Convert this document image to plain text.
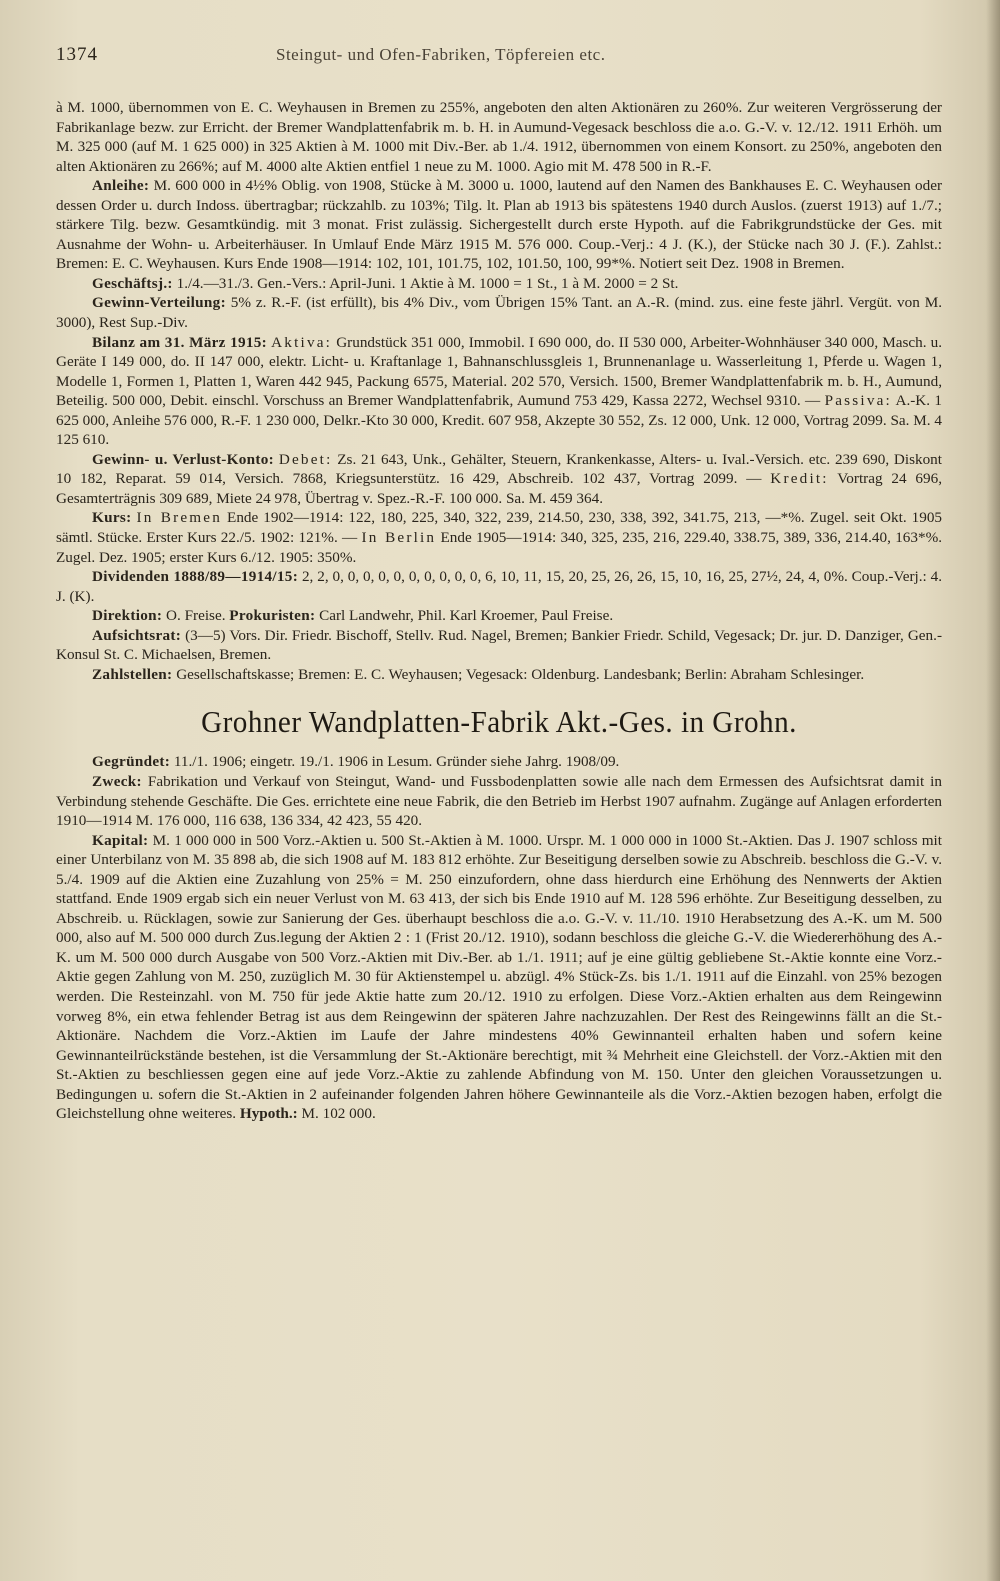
1374	Steingut- und Ofen-Fabriken, Töpfereien etc.

à M. 1000, übernommen von E. C. Weyhausen in Bremen zu 255%, angeboten den alten Aktionären zu 260%. Zur weiteren Vergrösserung der Fabrikanlage bezw. zur Erricht. der Bremer Wandplattenfabrik m. b. H. in Aumund-Vegesack beschloss die a.o. G.-V. v. 12./12. 1911 Erhöh. um M. 325 000 (auf M. 1 625 000) in 325 Aktien à M. 1000 mit Div.-Ber. ab 1./4. 1912, übernommen von einem Konsort. zu 250%, angeboten den alten Aktionären zu 266%; auf M. 4000 alte Aktien entfiel 1 neue zu M. 1000. Agio mit M. 478 500 in R.-F.

Anleihe: M. 600 000 in 4½% Oblig. von 1908, Stücke à M. 3000 u. 1000, lautend auf den Namen des Bankhauses E. C. Weyhausen oder dessen Order u. durch Indoss. übertragbar; rückzahlb. zu 103%; Tilg. lt. Plan ab 1913 bis spätestens 1940 durch Auslos. (zuerst 1913) auf 1./7.; stärkere Tilg. bezw. Gesamtkündig. mit 3 monat. Frist zulässig. Sichergestellt durch erste Hypoth. auf die Fabrikgrundstücke der Ges. mit Ausnahme der Wohn- u. Arbeiterhäuser. In Umlauf Ende März 1915 M. 576 000. Coup.-Verj.: 4 J. (K.), der Stücke nach 30 J. (F.). Zahlst.: Bremen: E. C. Weyhausen. Kurs Ende 1908—1914: 102, 101, 101.75, 102, 101.50, 100, 99*%. Notiert seit Dez. 1908 in Bremen.

Geschäftsj.: 1./4.—31./3. Gen.-Vers.: April-Juni. 1 Aktie à M. 1000 = 1 St., 1 à M. 2000 = 2 St.

Gewinn-Verteilung: 5% z. R.-F. (ist erfüllt), bis 4% Div., vom Übrigen 15% Tant. an A.-R. (mind. zus. eine feste jährl. Vergüt. von M. 3000), Rest Sup.-Div.

Bilanz am 31. März 1915: Aktiva: Grundstück 351 000, Immobil. I 690 000, do. II 530 000, Arbeiter-Wohnhäuser 340 000, Masch. u. Geräte I 149 000, do. II 147 000, elektr. Licht- u. Kraftanlage 1, Bahnanschlussgleis 1, Brunnenanlage u. Wasserleitung 1, Pferde u. Wagen 1, Modelle 1, Formen 1, Platten 1, Waren 442 945, Packung 6575, Material. 202 570, Versich. 1500, Bremer Wandplattenfabrik m. b. H., Aumund, Beteilig. 500 000, Debit. einschl. Vorschuss an Bremer Wandplattenfabrik, Aumund 753 429, Kassa 2272, Wechsel 9310. — Passiva: A.-K. 1 625 000, Anleihe 576 000, R.-F. 1 230 000, Delkr.-Kto 30 000, Kredit. 607 958, Akzepte 30 552, Zs. 12 000, Unk. 12 000, Vortrag 2099. Sa. M. 4 125 610.

Gewinn- u. Verlust-Konto: Debet: Zs. 21 643, Unk., Gehälter, Steuern, Krankenkasse, Alters- u. Ival.-Versich. etc. 239 690, Diskont 10 182, Reparat. 59 014, Versich. 7868, Kriegsunterstütz. 16 429, Abschreib. 102 437, Vortrag 2099. — Kredit: Vortrag 24 696, Gesamterträgnis 309 689, Miete 24 978, Übertrag v. Spez.-R.-F. 100 000. Sa. M. 459 364.

Kurs: In Bremen Ende 1902—1914: 122, 180, 225, 340, 322, 239, 214.50, 230, 338, 392, 341.75, 213, —*%. Zugel. seit Okt. 1905 sämtl. Stücke. Erster Kurs 22./5. 1902: 121%. — In Berlin Ende 1905—1914: 340, 325, 235, 216, 229.40, 338.75, 389, 336, 214.40, 163*%. Zugel. Dez. 1905; erster Kurs 6./12. 1905: 350%.

Dividenden 1888/89—1914/15: 2, 2, 0, 0, 0, 0, 0, 0, 0, 0, 0, 0, 6, 10, 11, 15, 20, 25, 26, 26, 15, 10, 16, 25, 27½, 24, 4, 0%. Coup.-Verj.: 4. J. (K).

Direktion: O. Freise. Prokuristen: Carl Landwehr, Phil. Karl Kroemer, Paul Freise.

Aufsichtsrat: (3—5) Vors. Dir. Friedr. Bischoff, Stellv. Rud. Nagel, Bremen; Bankier Friedr. Schild, Vegesack; Dr. jur. D. Danziger, Gen.-Konsul St. C. Michaelsen, Bremen.

Zahlstellen: Gesellschaftskasse; Bremen: E. C. Weyhausen; Vegesack: Oldenburg. Landesbank; Berlin: Abraham Schlesinger.

Grohner Wandplatten-Fabrik Akt.-Ges. in Grohn.

Gegründet: 11./1. 1906; eingetr. 19./1. 1906 in Lesum. Gründer siehe Jahrg. 1908/09.

Zweck: Fabrikation und Verkauf von Steingut, Wand- und Fussbodenplatten sowie alle nach dem Ermessen des Aufsichtsrat damit in Verbindung stehende Geschäfte. Die Ges. errichtete eine neue Fabrik, die den Betrieb im Herbst 1907 aufnahm. Zugänge auf Anlagen erforderten 1910—1914 M. 176 000, 116 638, 136 334, 42 423, 55 420.

Kapital: M. 1 000 000 in 500 Vorz.-Aktien u. 500 St.-Aktien à M. 1000. Urspr. M. 1 000 000 in 1000 St.-Aktien. Das J. 1907 schloss mit einer Unterbilanz von M. 35 898 ab, die sich 1908 auf M. 183 812 erhöhte. Zur Beseitigung derselben sowie zu Abschreib. beschloss die G.-V. v. 5./4. 1909 auf die Aktien eine Zuzahlung von 25% = M. 250 einzufordern, ohne dass hierdurch eine Erhöhung des Nennwerts der Aktien stattfand. Ende 1909 ergab sich ein neuer Verlust von M. 63 413, der sich bis Ende 1910 auf M. 128 596 erhöhte. Zur Beseitigung desselben, zu Abschreib. u. Rücklagen, sowie zur Sanierung der Ges. überhaupt beschloss die a.o. G.-V. v. 11./10. 1910 Herabsetzung des A.-K. um M. 500 000, also auf M. 500 000 durch Zus.legung der Aktien 2 : 1 (Frist 20./12. 1910), sodann beschloss die gleiche G.-V. die Wiedererhöhung des A.-K. um M. 500 000 durch Ausgabe von 500 Vorz.-Aktien mit Div.-Ber. ab 1./1. 1911; auf je eine gültig gebliebene St.-Aktie konnte eine Vorz.-Aktie gegen Zahlung von M. 250, zuzüglich M. 30 für Aktienstempel u. abzügl. 4% Stück-Zs. bis 1./1. 1911 auf die Einzahl. von 25% bezogen werden. Die Resteinzahl. von M. 750 für jede Aktie hatte zum 20./12. 1910 zu erfolgen. Diese Vorz.-Aktien erhalten aus dem Reingewinn vorweg 8%, ein etwa fehlender Betrag ist aus dem Reingewinn der späteren Jahre nachzuzahlen. Der Rest des Reingewinns fällt an die St.-Aktionäre. Nachdem die Vorz.-Aktien im Laufe der Jahre mindestens 40% Gewinnanteil erhalten haben und sofern keine Gewinnanteilrückstände bestehen, ist die Versammlung der St.-Aktionäre berechtigt, mit ¾ Mehrheit eine Gleichstell. der Vorz.-Aktien mit den St.-Aktien zu beschliessen gegen eine auf jede Vorz.-Aktie zu zahlende Abfindung von M. 150. Unter den gleichen Voraussetzungen u. Bedingungen u. sofern die St.-Aktien in 2 aufeinander folgenden Jahren höhere Gewinnanteile als die Vorz.-Aktien bezogen haben, erfolgt die Gleichstellung ohne weiteres. Hypoth.: M. 102 000.
